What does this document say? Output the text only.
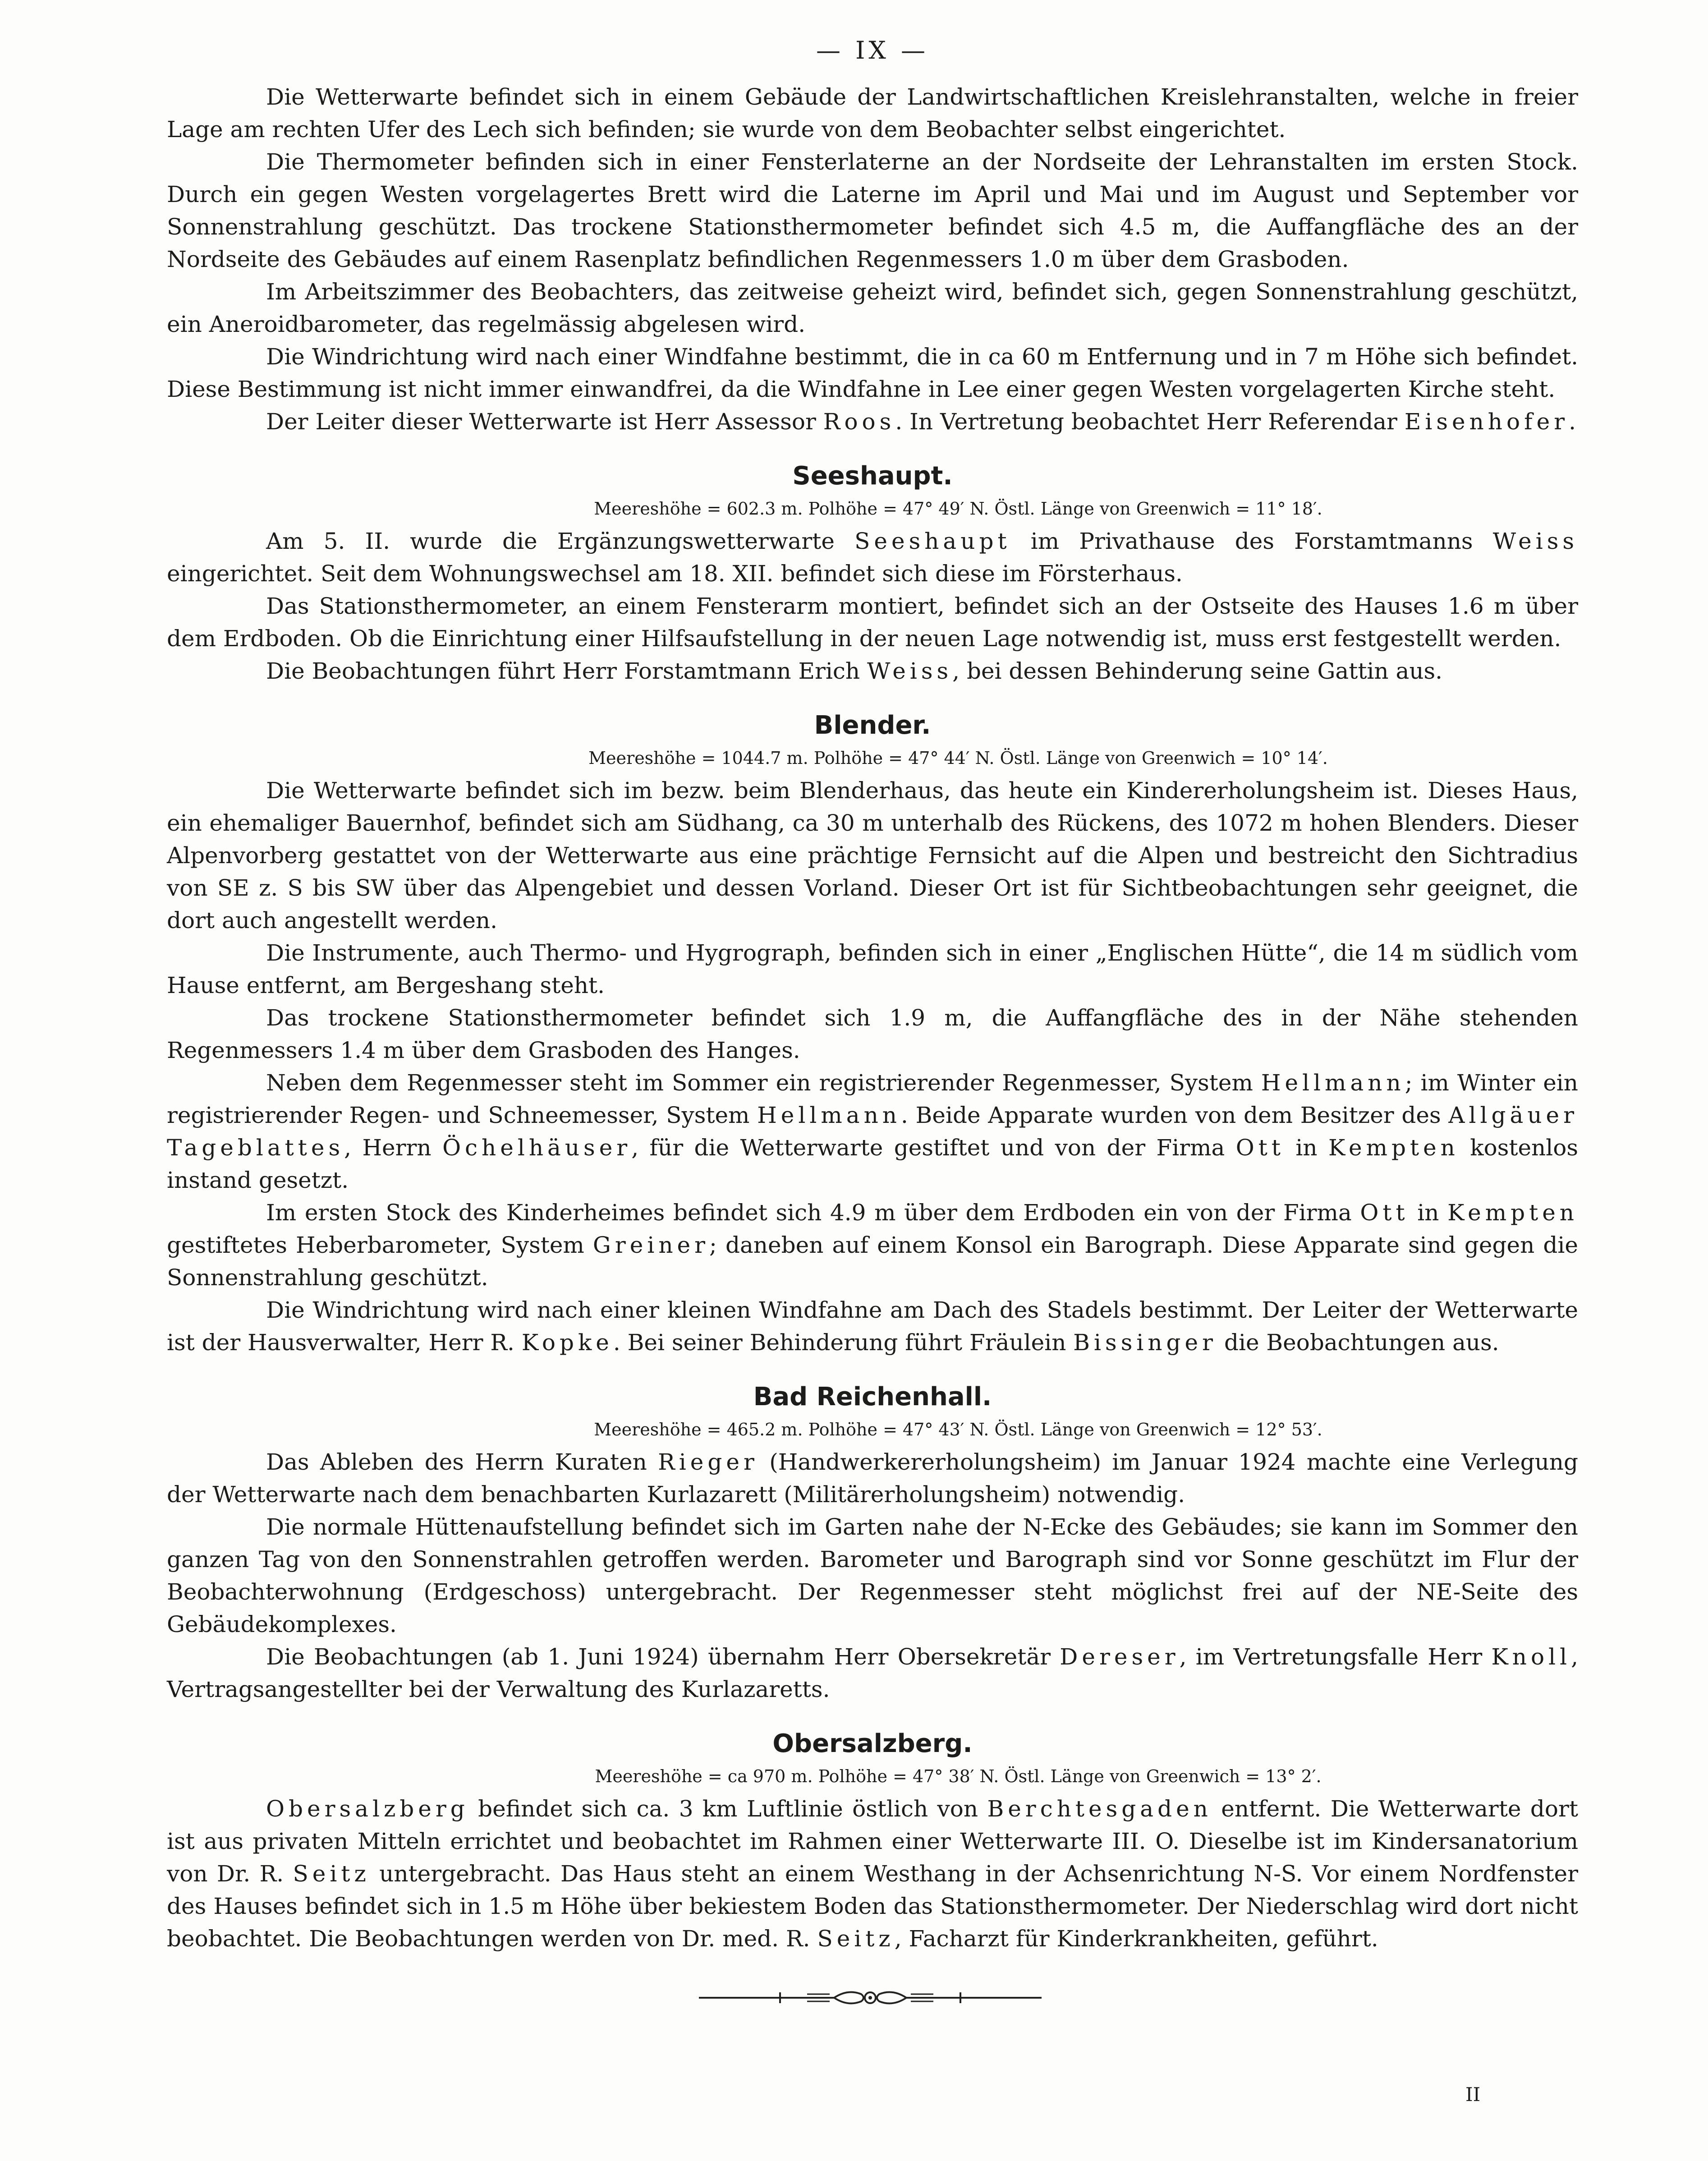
— IX —

Die Wetterwarte befindet sich in einem Gebäude der Landwirtschaftlichen Kreislehranstalten, welche in freier Lage am rechten Ufer des Lech sich befinden; sie wurde von dem Beobachter selbst eingerichtet.

Die Thermometer befinden sich in einer Fensterlaterne an der Nordseite der Lehranstalten im ersten Stock. Durch ein gegen Westen vorgelagertes Brett wird die Laterne im April und Mai und im August und September vor Sonnenstrahlung geschützt. Das trockene Stationsthermometer befindet sich 4.5 m, die Auffangfläche des an der Nordseite des Gebäudes auf einem Rasenplatz befindlichen Regenmessers 1.0 m über dem Grasboden.

Im Arbeitszimmer des Beobachters, das zeitweise geheizt wird, befindet sich, gegen Sonnenstrahlung geschützt, ein Aneroidbarometer, das regelmässig abgelesen wird.

Die Windrichtung wird nach einer Windfahne bestimmt, die in ca 60 m Entfernung und in 7 m Höhe sich befindet. Diese Bestimmung ist nicht immer einwandfrei, da die Windfahne in Lee einer gegen Westen vorgelagerten Kirche steht.

Der Leiter dieser Wetterwarte ist Herr Assessor Roos. In Vertretung beobachtet Herr Referendar Eisenhofer.

Seeshaupt.
Meereshöhe = 602.3 m. Polhöhe = 47° 49′ N. Östl. Länge von Greenwich = 11° 18′.

Am 5. II. wurde die Ergänzungswetterwarte Seeshaupt im Privathause des Forstamtmanns Weiss eingerichtet. Seit dem Wohnungswechsel am 18. XII. befindet sich diese im Försterhaus.

Das Stationsthermometer, an einem Fensterarm montiert, befindet sich an der Ostseite des Hauses 1.6 m über dem Erdboden. Ob die Einrichtung einer Hilfsaufstellung in der neuen Lage notwendig ist, muss erst festgestellt werden.

Die Beobachtungen führt Herr Forstamtmann Erich Weiss, bei dessen Behinderung seine Gattin aus.

Blender.
Meereshöhe = 1044.7 m. Polhöhe = 47° 44′ N. Östl. Länge von Greenwich = 10° 14′.

Die Wetterwarte befindet sich im bezw. beim Blenderhaus, das heute ein Kindererholungsheim ist. Dieses Haus, ein ehemaliger Bauernhof, befindet sich am Südhang, ca 30 m unterhalb des Rückens, des 1072 m hohen Blenders. Dieser Alpenvorberg gestattet von der Wetterwarte aus eine prächtige Fernsicht auf die Alpen und bestreicht den Sichtradius von SE z. S bis SW über das Alpengebiet und dessen Vorland. Dieser Ort ist für Sichtbeobachtungen sehr geeignet, die dort auch angestellt werden.

Die Instrumente, auch Thermo- und Hygrograph, befinden sich in einer „Englischen Hütte“, die 14 m südlich vom Hause entfernt, am Bergeshang steht.

Das trockene Stationsthermometer befindet sich 1.9 m, die Auffangfläche des in der Nähe stehenden Regenmessers 1.4 m über dem Grasboden des Hanges.

Neben dem Regenmesser steht im Sommer ein registrierender Regenmesser, System Hellmann; im Winter ein registrierender Regen- und Schneemesser, System Hellmann. Beide Apparate wurden von dem Besitzer des Allgäuer Tageblattes, Herrn Öchelhäuser, für die Wetterwarte gestiftet und von der Firma Ott in Kempten kostenlos instand gesetzt.

Im ersten Stock des Kinderheimes befindet sich 4.9 m über dem Erdboden ein von der Firma Ott in Kempten gestiftetes Heberbarometer, System Greiner; daneben auf einem Konsol ein Barograph. Diese Apparate sind gegen die Sonnenstrahlung geschützt.

Die Windrichtung wird nach einer kleinen Windfahne am Dach des Stadels bestimmt. Der Leiter der Wetterwarte ist der Hausverwalter, Herr R. Kopke. Bei seiner Behinderung führt Fräulein Bissinger die Beobachtungen aus.

Bad Reichenhall.
Meereshöhe = 465.2 m. Polhöhe = 47° 43′ N. Östl. Länge von Greenwich = 12° 53′.

Das Ableben des Herrn Kuraten Rieger (Handwerkererholungsheim) im Januar 1924 machte eine Verlegung der Wetterwarte nach dem benachbarten Kurlazarett (Militärerholungsheim) notwendig.

Die normale Hüttenaufstellung befindet sich im Garten nahe der N-Ecke des Gebäudes; sie kann im Sommer den ganzen Tag von den Sonnenstrahlen getroffen werden. Barometer und Barograph sind vor Sonne geschützt im Flur der Beobachterwohnung (Erdgeschoss) untergebracht. Der Regenmesser steht möglichst frei auf der NE-Seite des Gebäudekomplexes.

Die Beobachtungen (ab 1. Juni 1924) übernahm Herr Obersekretär Dereser, im Vertretungsfalle Herr Knoll, Vertragsangestellter bei der Verwaltung des Kurlazaretts.

Obersalzberg.
Meereshöhe = ca 970 m. Polhöhe = 47° 38′ N. Östl. Länge von Greenwich = 13° 2′.

Obersalzberg befindet sich ca. 3 km Luftlinie östlich von Berchtesgaden entfernt. Die Wetterwarte dort ist aus privaten Mitteln errichtet und beobachtet im Rahmen einer Wetterwarte III. O. Dieselbe ist im Kindersanatorium von Dr. R. Seitz untergebracht. Das Haus steht an einem Westhang in der Achsenrichtung N-S. Vor einem Nordfenster des Hauses befindet sich in 1.5 m Höhe über bekiestem Boden das Stationsthermometer. Der Niederschlag wird dort nicht beobachtet. Die Beobachtungen werden von Dr. med. R. Seitz, Facharzt für Kinderkrankheiten, geführt.

II
